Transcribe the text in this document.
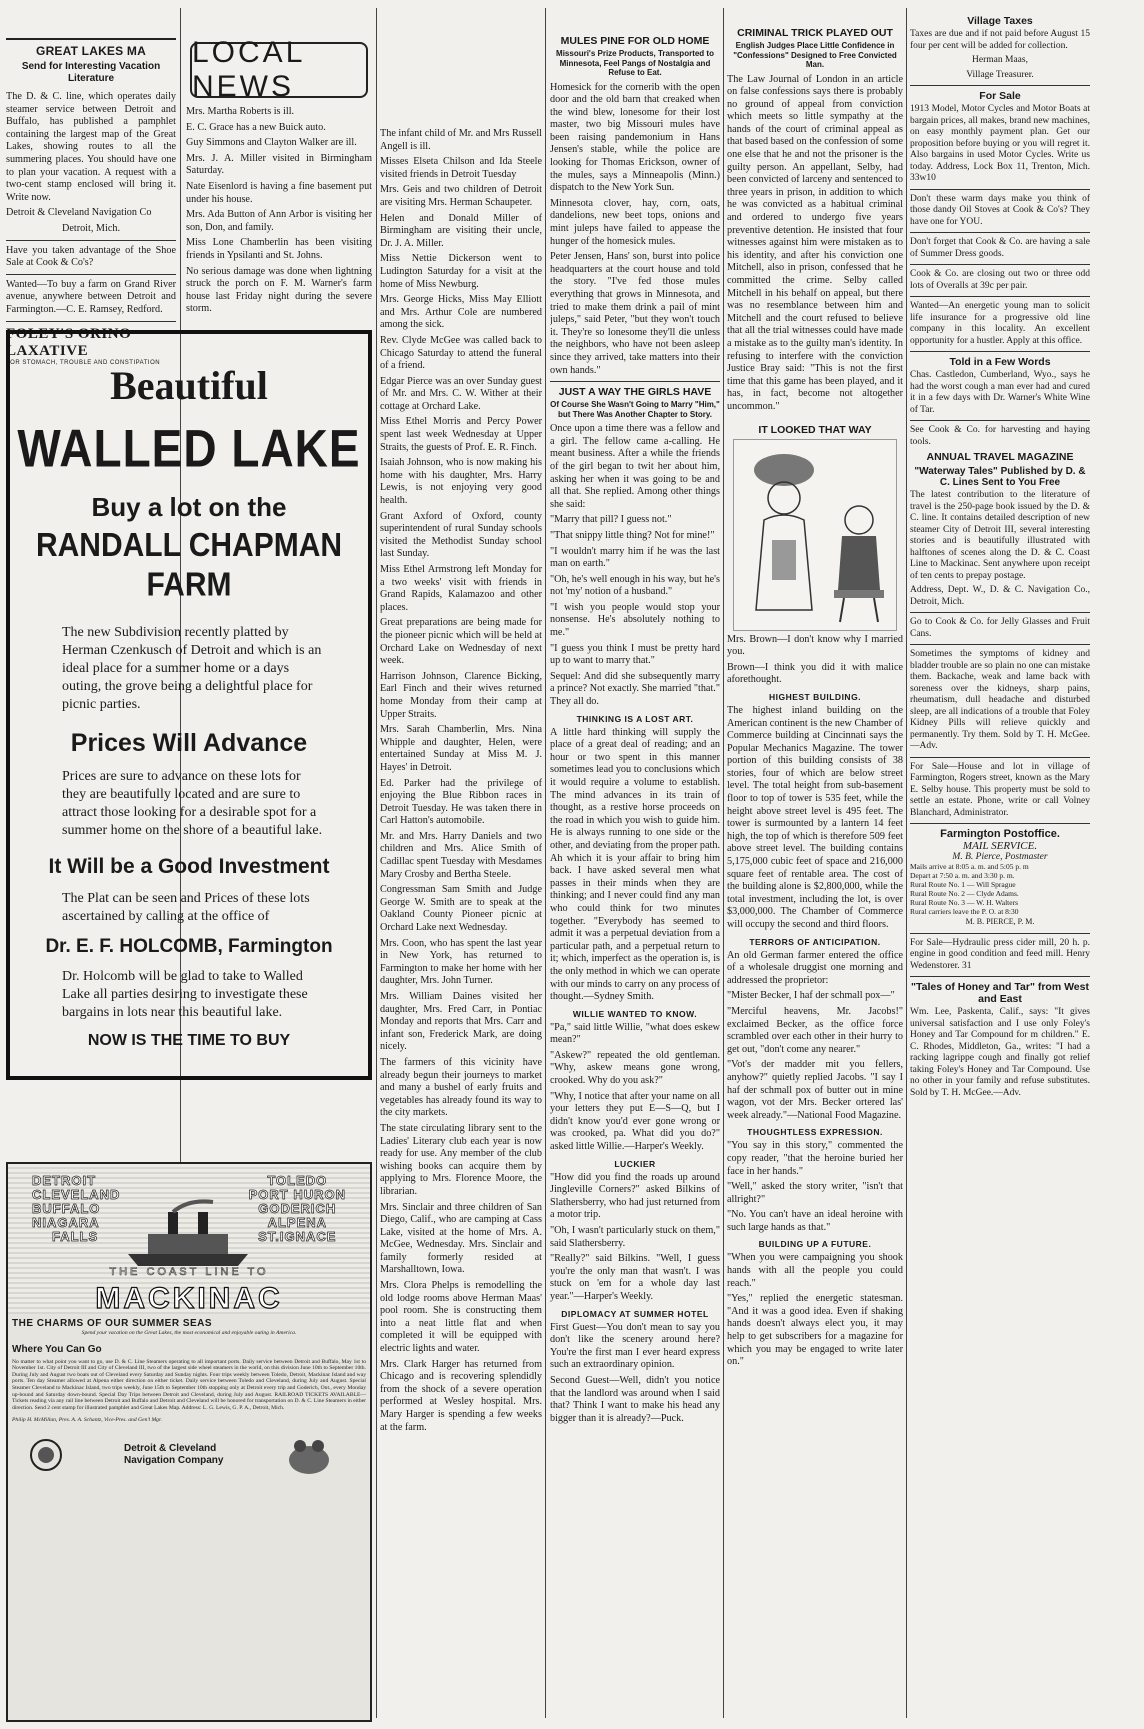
GREAT LAKES MA
Send for Interesting Vacation Literature

The D. & C. line, which operates daily steamer service between Detroit and Buffalo, has published a pamphlet containing the largest map of the Great Lakes, showing routes to all the summering places. You should have one to plan your vacation. A request with a two-cent stamp enclosed will bring it. Write now.

Detroit & Cleveland Navigation Co

Detroit, Mich.

Have you taken advantage of the Shoe Sale at Cook & Co's?

Wanted—To buy a farm on Grand River avenue, anywhere between Detroit and Farmington.—C. E. Ramsey, Redford.

FOLEY'S ORINO LAXATIVE
FOR STOMACH, TROUBLE AND CONSTIPATION
Beautiful
WALLED LAKE
Buy a lot on the
RANDALL CHAPMAN FARM

The new Subdivision recently platted by Herman Czenkusch of Detroit and which is an ideal place for a summer home or a days outing, the grove being a delightful place for picnic parties.

Prices Will Advance

Prices are sure to advance on these lots for they are beautifully located and are sure to attract those looking for a desirable spot for a summer home on the shore of a beautiful lake.

It Will be a Good Investment

The Plat can be seen and Prices of these lots ascertained by calling at the office of

Dr. E. F. HOLCOMB, Farmington

Dr. Holcomb will be glad to take to Walled Lake all parties desiring to investigate these bargains in lots near this beautiful lake.

NOW IS THE TIME TO BUY
DETROIT
CLEVELAND
BUFFALO
NIAGARA
FALLS
TOLEDO
PORT HURON
GODERICH
ALPENA
ST.IGNACE
THE COAST LINE TO
MACKINAC
THE CHARMS OF OUR SUMMER SEAS

Spend your vacation on the Great Lakes, the most economical and enjoyable outing in America.

Where You Can Go

No matter to what point you want to go, use D. & C. Line Steamers operating to all important ports. Daily service between Detroit and Buffalo, May 1st to November 1st. City of Detroit III and City of Cleveland III, two of the largest side wheel steamers in the world, on this division June 10th to September 10th. During July and August two boats out of Cleveland every Saturday and Sunday nights. Four trips weekly between Toledo, Detroit, Mackinac Island and way ports. Ten day Steamer allowed at Alpena either direction on either ticket. Daily service between Toledo and Cleveland, during July and August. Special Steamer Cleveland to Mackinac Island, two trips weekly, June 15th to September 10th stopping only at Detroit every trip and Goderich, Ont., every Monday up-bound and Saturday down-bound. Special Day Trips between Detroit and Cleveland, during July and August. RAILROAD TICKETS AVAILABLE—Tickets reading via any rail line between Detroit and Buffalo and Detroit and Cleveland will be honored for transportation on D. & C. Line Steamers in either direction. Send 2 cent stamp for illustrated pamphlet and Great Lakes Map. Address: L. G. Lewis, G. P. A., Detroit, Mich.

Philip H. McMillan, Pres. A. A. Schantz, Vice-Pres. and Gen'l Mgr.

Detroit & Cleveland Navigation Company
LOCAL NEWS

Mrs. Martha Roberts is ill.

E. C. Grace has a new Buick auto.

Guy Simmons and Clayton Walker are ill.

Mrs. J. A. Miller visited in Birmingham Saturday.

Nate Eisenlord is having a fine basement put under his house.

Mrs. Ada Button of Ann Arbor is visiting her son, Don, and family.

Miss Lone Chamberlin has been visiting friends in Ypsilanti and St. Johns.

No serious damage was done when lightning struck the porch on F. M. Warner's farm house last Friday night during the severe storm.

The infant child of Mr. and Mrs Russell Angell is ill.

Misses Elseta Chilson and Ida Steele visited friends in Detroit Tuesday

Mrs. Geis and two children of Detroit are visiting Mrs. Herman Schaupeter.

Helen and Donald Miller of Birmingham are visiting their uncle, Dr. J. A. Miller.

Miss Nettie Dickerson went to Ludington Saturday for a visit at the home of Miss Newburg.

Mrs. George Hicks, Miss May Elliott and Mrs. Arthur Cole are numbered among the sick.

Rev. Clyde McGee was called back to Chicago Saturday to attend the funeral of a friend.

Edgar Pierce was an over Sunday guest of Mr. and Mrs. C. W. Wither at their cottage at Orchard Lake.

Miss Ethel Morris and Percy Power spent last week Wednesday at Upper Straits, the guests of Prof. E. R. Finch.

Isaiah Johnson, who is now making his home with his daughter, Mrs. Harry Lewis, is not enjoying very good health.

Grant Axford of Oxford, county superintendent of rural Sunday schools visited the Methodist Sunday school last Sunday.

Miss Ethel Armstrong left Monday for a two weeks' visit with friends in Grand Rapids, Kalamazoo and other places.

Great preparations are being made for the pioneer picnic which will be held at Orchard Lake on Wednesday of next week.

Harrison Johnson, Clarence Bicking, Earl Finch and their wives returned home Monday from their camp at Upper Straits.

Mrs. Sarah Chamberlin, Mrs. Nina Whipple and daughter, Helen, were entertained Sunday at Miss M. J. Hayes' in Detroit.

Ed. Parker had the privilege of enjoying the Blue Ribbon races in Detroit Tuesday. He was taken there in Carl Hatton's automobile.

Mr. and Mrs. Harry Daniels and two children and Mrs. Alice Smith of Cadillac spent Tuesday with Mesdames Mary Crosby and Bertha Steele.

Congressman Sam Smith and Judge George W. Smith are to speak at the Oakland County Pioneer picnic at Orchard Lake next Wednesday.

Mrs. Coon, who has spent the last year in New York, has returned to Farmington to make her home with her daughter, Mrs. John Turner.

Mrs. William Daines visited her daughter, Mrs. Fred Carr, in Pontiac Monday and reports that Mrs. Carr and infant son, Frederick Mark, are doing nicely.

The farmers of this vicinity have already begun their journeys to market and many a bushel of early fruits and vegetables has already found its way to the city markets.

The state circulating library sent to the Ladies' Literary club each year is now ready for use. Any member of the club wishing books can acquire them by applying to Mrs. Florence Moore, the librarian.

Mrs. Sinclair and three children of San Diego, Calif., who are camping at Cass Lake, visited at the home of Mrs. A. McGee, Wednesday. Mrs. Sinclair and family formerly resided at Marshalltown, Iowa.

Mrs. Clora Phelps is remodelling the old lodge rooms above Herman Maas' pool room. She is constructing them into a neat little flat and when completed it will be equipped with electric lights and water.

Mrs. Clark Harger has returned from Chicago and is recovering splendidly from the shock of a severe operation performed at Wesley hospital. Mrs. Mary Harger is spending a few weeks at the farm.

MULES PINE FOR OLD HOME
Missouri's Prize Products, Transported to Minnesota, Feel Pangs of Nostalgia and Refuse to Eat.

Homesick for the cornerib with the open door and the old barn that creaked when the wind blew, lonesome for their lost master, two big Missouri mules have been raising pandemonium in Hans Jensen's stable, while the police are looking for Thomas Erickson, owner of the mules, says a Minneapolis (Minn.) dispatch to the New York Sun.

Minnesota clover, hay, corn, oats, dandelions, new beet tops, onions and mint juleps have failed to appease the hunger of the homesick mules.

Peter Jensen, Hans' son, burst into police headquarters at the court house and told the story. "I've fed those mules everything that grows in Minnesota, and tried to make them drink a pail of mint juleps," said Peter, "but they won't touch it. They're so lonesome they'll die unless the neighbors, who have not been asleep since they arrived, take matters into their own hands."

JUST A WAY THE GIRLS HAVE
Of Course She Wasn't Going to Marry "Him," but There Was Another Chapter to Story.

Once upon a time there was a fellow and a girl. The fellow came a-calling. He meant business. After a while the friends of the girl began to twit her about him, asking her when it was going to be and all that. She replied. Among other things she said:

"Marry that pill? I guess not."

"That snippy little thing? Not for mine!"

"I wouldn't marry him if he was the last man on earth."

"Oh, he's well enough in his way, but he's not 'my' notion of a husband."

"I wish you people would stop your nonsense. He's absolutely nothing to me."

"I guess you think I must be pretty hard up to want to marry that."

Sequel: And did she subsequently marry a prince? Not exactly. She married "that." They all do.

THINKING IS A LOST ART.

A little hard thinking will supply the place of a great deal of reading; and an hour or two spent in this manner sometimes lead you to conclusions which it would require a volume to establish. The mind advances in its train of thought, as a restive horse proceeds on the road in which you wish to guide him. He is always running to one side or the other, and deviating from the proper path. Ah which it is your affair to bring him back. I have asked several men what passes in their minds when they are thinking; and I never could find any man who could think for two minutes together. "Everybody has seemed to admit it was a perpetual deviation from a particular path, and a perpetual return to it; which, imperfect as the operation is, is the only method in which we can operate with our minds to carry on any process of thought.—Sydney Smith.

WILLIE WANTED TO KNOW.

"Pa," said little Willie, "what does eskew mean?"

"Askew?" repeated the old gentleman. "Why, askew means gone wrong, crooked. Why do you ask?"

"Why, I notice that after your name on all your letters they put E—S—Q, but I didn't know you'd ever gone wrong or was crooked, pa. What did you do?" asked little Willie.—Harper's Weekly.

LUCKIER

"How did you find the roads up around Jingleville Corners?" asked Bilkins of Slathersberry, who had just returned from a motor trip.

"Oh, I wasn't particularly stuck on them," said Slathersberry.

"Really?" said Bilkins. "Well, I guess you're the only man that wasn't. I was stuck on 'em for a whole day last year."—Harper's Weekly.

DIPLOMACY AT SUMMER HOTEL

First Guest—You don't mean to say you don't like the scenery around here? You're the first man I ever heard express such an extraordinary opinion.

Second Guest—Well, didn't you notice that the landlord was around when I said that? Think I want to make his head any bigger than it is already?—Puck.

CRIMINAL TRICK PLAYED OUT
English Judges Place Little Confidence in "Confessions" Designed to Free Convicted Man.

The Law Journal of London in an article on false confessions says there is probably no ground of appeal from conviction which meets so little sympathy at the hands of the court of criminal appeal as that based based on the confession of some one else that he and not the prisoner is the guilty person. An appellant, Selby, had been convicted of larceny and sentenced to three years in prison, in addition to which he was convicted as a habitual criminal and ordered to undergo five years preventive detention. He insisted that four witnesses against him were mistaken as to his identity, and after his conviction one Mitchell, also in prison, confessed that he committed the crime. Selby called Mitchell in his behalf on appeal, but there was no resemblance between him and Mitchell and the court refused to believe that all the trial witnesses could have made a mistake as to the guilty man's identity. In refusing to interfere with the conviction Justice Bray said: "This is not the first time that this game has been played, and it has, in fact, become not altogether uncommon."

IT LOOKED THAT WAY

Mrs. Brown—I don't know why I married you.

Brown—I think you did it with malice aforethought.

HIGHEST BUILDING.

The highest inland building on the American continent is the new Chamber of Commerce building at Cincinnati says the Popular Mechanics Magazine. The tower portion of this building consists of 38 stories, four of which are below street level. The total height from sub-basement floor to top of tower is 535 feet, while the height above street level is 495 feet. The tower is surmounted by a lantern 14 feet high, the top of which is therefore 509 feet above street level. The building contains 5,175,000 cubic feet of space and 216,000 square feet of rentable area. The cost of the building alone is $2,800,000, while the total investment, including the lot, is over $3,000,000. The Chamber of Commerce will occupy the second and third floors.

TERRORS OF ANTICIPATION.

An old German farmer entered the office of a wholesale druggist one morning and addressed the proprietor:

"Mister Becker, I haf der schmall pox—"

"Merciful heavens, Mr. Jacobs!" exclaimed Becker, as the office force scrambled over each other in their hurry to get out, "don't come any nearer."

"Vot's der madder mit you fellers, anyhow?" quietly replied Jacobs. "I say I haf der schmall pox of butter out in mine wagon, vot der Mrs. Becker ortered las' week already."—National Food Magazine.

THOUGHTLESS EXPRESSION.

"You say in this story," commented the copy reader, "that the heroine buried her face in her hands."

"Well," asked the story writer, "isn't that allright?"

"No. You can't have an ideal heroine with such large hands as that."

BUILDING UP A FUTURE.

"When you were campaigning you shook hands with all the people you could reach."

"Yes," replied the energetic statesman. "And it was a good idea. Even if shaking hands doesn't always elect you, it may help to get subscribers for a magazine for which you may be engaged to write later on."

Village Taxes

Taxes are due and if not paid before August 15 four per cent will be added for collection.

Herman Maas,

Village Treasurer.

For Sale

1913 Model, Motor Cycles and Motor Boats at bargain prices, all makes, brand new machines, on easy monthly payment plan. Get our proposition before buying or you will regret it. Also bargains in used Motor Cycles. Write us today. Address, Lock Box 11, Trenton, Mich. 33w10

Don't these warm days make you think of those dandy Oil Stoves at Cook & Co's? They have one for YOU.

Don't forget that Cook & Co. are having a sale of Summer Dress goods.

Cook & Co. are closing out two or three odd lots of Overalls at 39c per pair.

Wanted—An energetic young man to solicit life insurance for a progressive old line company in this locality. An excellent opportunity for a hustler. Apply at this office.

Told in a Few Words

Chas. Castledon, Cumberland, Wyo., says he had the worst cough a man ever had and cured it in a few days with Dr. Warner's White Wine of Tar.

See Cook & Co. for harvesting and haying tools.

ANNUAL TRAVEL MAGAZINE
"Waterway Tales" Published by D. & C. Lines Sent to You Free

The latest contribution to the literature of travel is the 250-page book issued by the D. & C. line. It contains detailed description of new steamer City of Detroit III, several interesting stories and is beautifully illustrated with halftones of scenes along the D. & C. Coast Line to Mackinac. Sent anywhere upon receipt of ten cents to prepay postage.

Address, Dept. W., D. & C. Navigation Co., Detroit, Mich.

Go to Cook & Co. for Jelly Glasses and Fruit Cans.

Sometimes the symptoms of kidney and bladder trouble are so plain no one can mistake them. Backache, weak and lame back with soreness over the kidneys, sharp pains, rheumatism, dull headache and disturbed sleep, are all indications of a trouble that Foley Kidney Pills will relieve quickly and permanently. Try them. Sold by T. H. McGee.—Adv.

For Sale—House and lot in village of Farmington, Rogers street, known as the Mary E. Selby house. This property must be sold to settle an estate. Phone, write or call Volney Blanchard, Administrator.

Farmington Postoffice.
MAIL SERVICE.
M. B. Pierce, Postmaster

Mails arrive at 8:05 a. m. and 5:05 p. m

Depart at 7:50 a. m. and 3:30 p. m.

Rural Route No. 1 — Will Sprague

Rural Route No. 2 — Clyde Adams.

Rural Route No. 3 — W. H. Walters

Rural carriers leave the P. O. at 8:30

M. B. PIERCE, P. M.

For Sale—Hydraulic press cider mill, 20 h. p. engine in good condition and feed mill. Henry Wedenstorer. 31

"Tales of Honey and Tar" from West and East

Wm. Lee, Paskenta, Calif., says: "It gives universal satisfaction and I use only Foley's Honey and Tar Compound for m children." E. C. Rhodes, Middleton, Ga., writes: "I had a racking lagrippe cough and finally got relief taking Foley's Honey and Tar Compound. Use no other in your family and refuse substitutes. Sold by T. H. McGee.—Adv.
